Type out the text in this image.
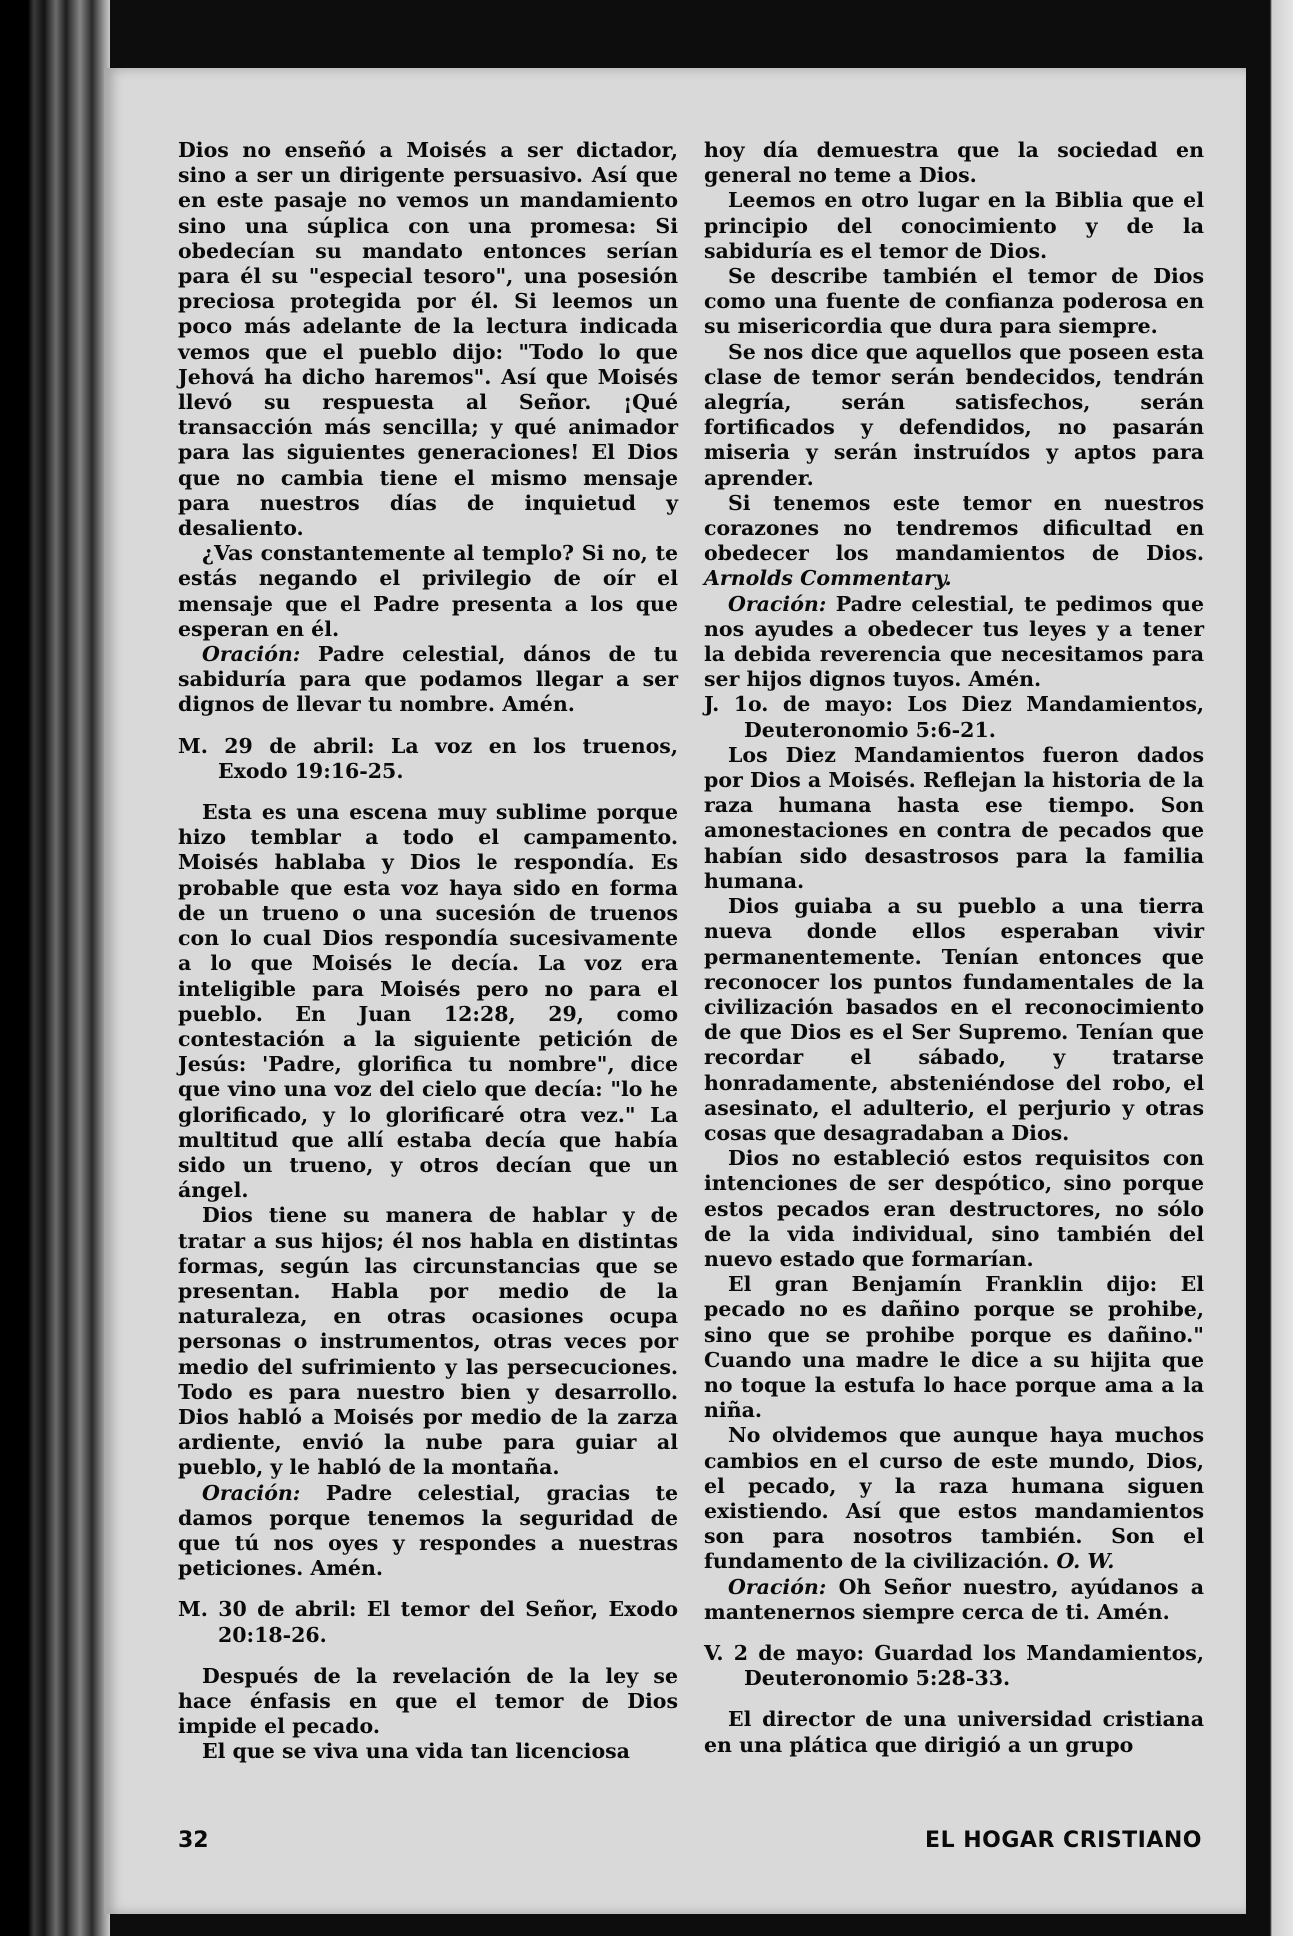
Dios no enseñó a Moisés a ser dictador, sino a ser un dirigente persuasivo. Así que en este pasaje no vemos un mandamiento sino una súplica con una promesa: Si obedecían su mandato entonces serían para él su "especial tesoro", una posesión preciosa protegida por él. Si leemos un poco más adelante de la lectura indicada vemos que el pueblo dijo: "Todo lo que Jehová ha dicho haremos". Así que Moisés llevó su respuesta al Señor. ¡Qué transacción más sencilla; y qué animador para las siguientes generaciones! El Dios que no cambia tiene el mismo mensaje para nuestros días de inquietud y desaliento.

¿Vas constantemente al templo? Si no, te estás negando el privilegio de oír el mensaje que el Padre presenta a los que esperan en él.

Oración: Padre celestial, dános de tu sabiduría para que podamos llegar a ser dignos de llevar tu nombre. Amén.

M. 29 de abril: La voz en los truenos, Exodo 19:16-25.

Esta es una escena muy sublime porque hizo temblar a todo el campamento. Moisés hablaba y Dios le respondía. Es probable que esta voz haya sido en forma de un trueno o una sucesión de truenos con lo cual Dios respondía sucesivamente a lo que Moisés le decía. La voz era inteligible para Moisés pero no para el pueblo. En Juan 12:28, 29, como contestación a la siguiente petición de Jesús: 'Padre, glorifica tu nombre", dice que vino una voz del cielo que decía: "lo he glorificado, y lo glorificaré otra vez." La multitud que allí estaba decía que había sido un trueno, y otros decían que un ángel.

Dios tiene su manera de hablar y de tratar a sus hijos; él nos habla en distintas formas, según las circunstancias que se presentan. Habla por medio de la naturaleza, en otras ocasiones ocupa personas o instrumentos, otras veces por medio del sufrimiento y las persecuciones. Todo es para nuestro bien y desarrollo. Dios habló a Moisés por medio de la zarza ardiente, envió la nube para guiar al pueblo, y le habló de la montaña.

Oración: Padre celestial, gracias te damos porque tenemos la seguridad de que tú nos oyes y respondes a nuestras peticiones. Amén.

M. 30 de abril: El temor del Señor, Exodo 20:18-26.

Después de la revelación de la ley se hace énfasis en que el temor de Dios impide el pecado.

El que se viva una vida tan licenciosa

hoy día demuestra que la sociedad en general no teme a Dios.

Leemos en otro lugar en la Biblia que el principio del conocimiento y de la sabiduría es el temor de Dios.

Se describe también el temor de Dios como una fuente de confianza poderosa en su misericordia que dura para siempre.

Se nos dice que aquellos que poseen esta clase de temor serán bendecidos, tendrán alegría, serán satisfechos, serán fortificados y defendidos, no pasarán miseria y serán instruídos y aptos para aprender.

Si tenemos este temor en nuestros corazones no tendremos dificultad en obedecer los mandamientos de Dios. Arnolds Commentary.

Oración: Padre celestial, te pedimos que nos ayudes a obedecer tus leyes y a tener la debida reverencia que necesitamos para ser hijos dignos tuyos. Amén.

J. 1o. de mayo: Los Diez Mandamientos, Deuteronomio 5:6-21.

Los Diez Mandamientos fueron dados por Dios a Moisés. Reflejan la historia de la raza humana hasta ese tiempo. Son amonestaciones en contra de pecados que habían sido desastrosos para la familia humana.

Dios guiaba a su pueblo a una tierra nueva donde ellos esperaban vivir permanentemente. Tenían entonces que reconocer los puntos fundamentales de la civilización basados en el reconocimiento de que Dios es el Ser Supremo. Tenían que recordar el sábado, y tratarse honradamente, absteniéndose del robo, el asesinato, el adulterio, el perjurio y otras cosas que desagradaban a Dios.

Dios no estableció estos requisitos con intenciones de ser despótico, sino porque estos pecados eran destructores, no sólo de la vida individual, sino también del nuevo estado que formarían.

El gran Benjamín Franklin dijo: El pecado no es dañino porque se prohibe, sino que se prohibe porque es dañino." Cuando una madre le dice a su hijita que no toque la estufa lo hace porque ama a la niña.

No olvidemos que aunque haya muchos cambios en el curso de este mundo, Dios, el pecado, y la raza humana siguen existiendo. Así que estos mandamientos son para nosotros también. Son el fundamento de la civilización. O. W.

Oración: Oh Señor nuestro, ayúdanos a mantenernos siempre cerca de ti. Amén.

V. 2 de mayo: Guardad los Mandamientos, Deuteronomio 5:28-33.

El director de una universidad cristiana en una plática que dirigió a un grupo

32	EL HOGAR CRISTIANO
